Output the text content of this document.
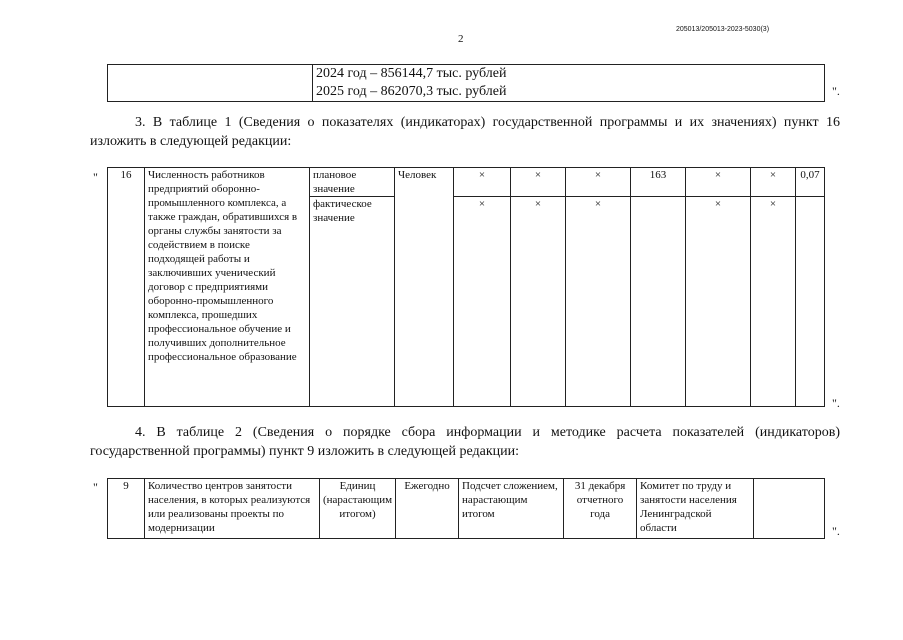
2
205013/205013-2023-5030(3)

2024 год – 856144,7 тыс. рублей
2025 год – 862070,3 тыс. рублей	".
3. В таблице 1 (Сведения о показателях (индикаторах) государственной программы и их значениях) пункт 16 изложить в следующей редакции:
" 16	Численность работников предприятий оборонно-промышленного комплекса, а также граждан, обратившихся в органы службы занятости за содействием в поиске подходящей работы и заключивших ученический договор с предприятиями оборонно-промышленного комплекса, прошедших профессиональное обучение и получивших дополнительное профессиональное образование	плановое значение	Человек	×	×	×	163	×	×	0,07
		фактическое значение		×	×	×		×	×	
".
4. В таблице 2 (Сведения о порядке сбора информации и методике расчета показателей (индикаторов) государственной программы) пункт 9 изложить в следующей редакции:
" 9	Количество центров занятости населения, в которых реализуются или реализованы проекты по модернизации	Единиц (нарастающим итогом)	Ежегодно	Подсчет сложением, нарастающим итогом	31 декабря отчетного года	Комитет по труду и занятости населения Ленинградской области		".
